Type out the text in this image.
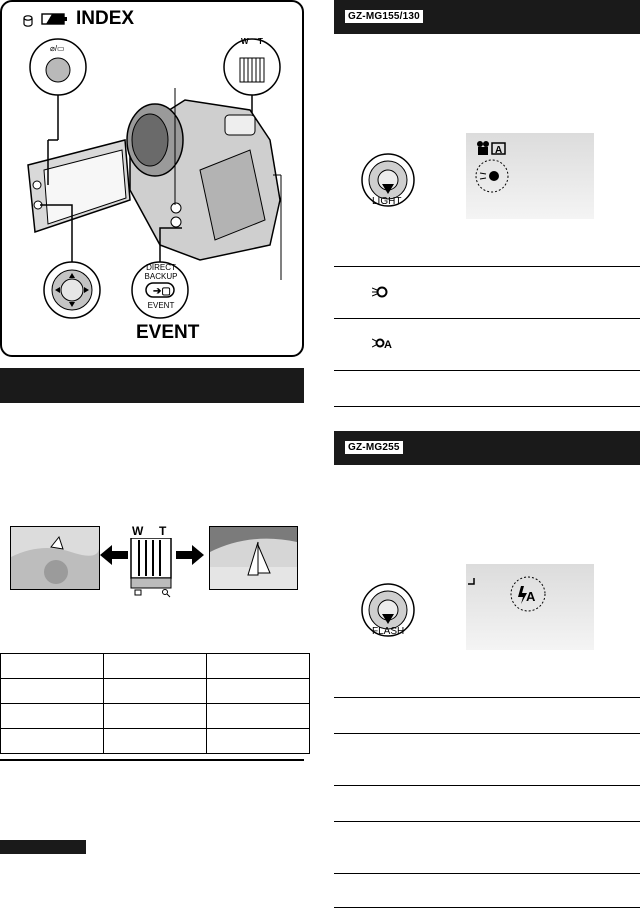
⌀/▭
➔▢
INDEX
W T
DIRECT
BACKUP
EVENT
EVENT
W T

GZ-MG155/130
LIGHT
A
A
GZ-MG255
FLASH
A
